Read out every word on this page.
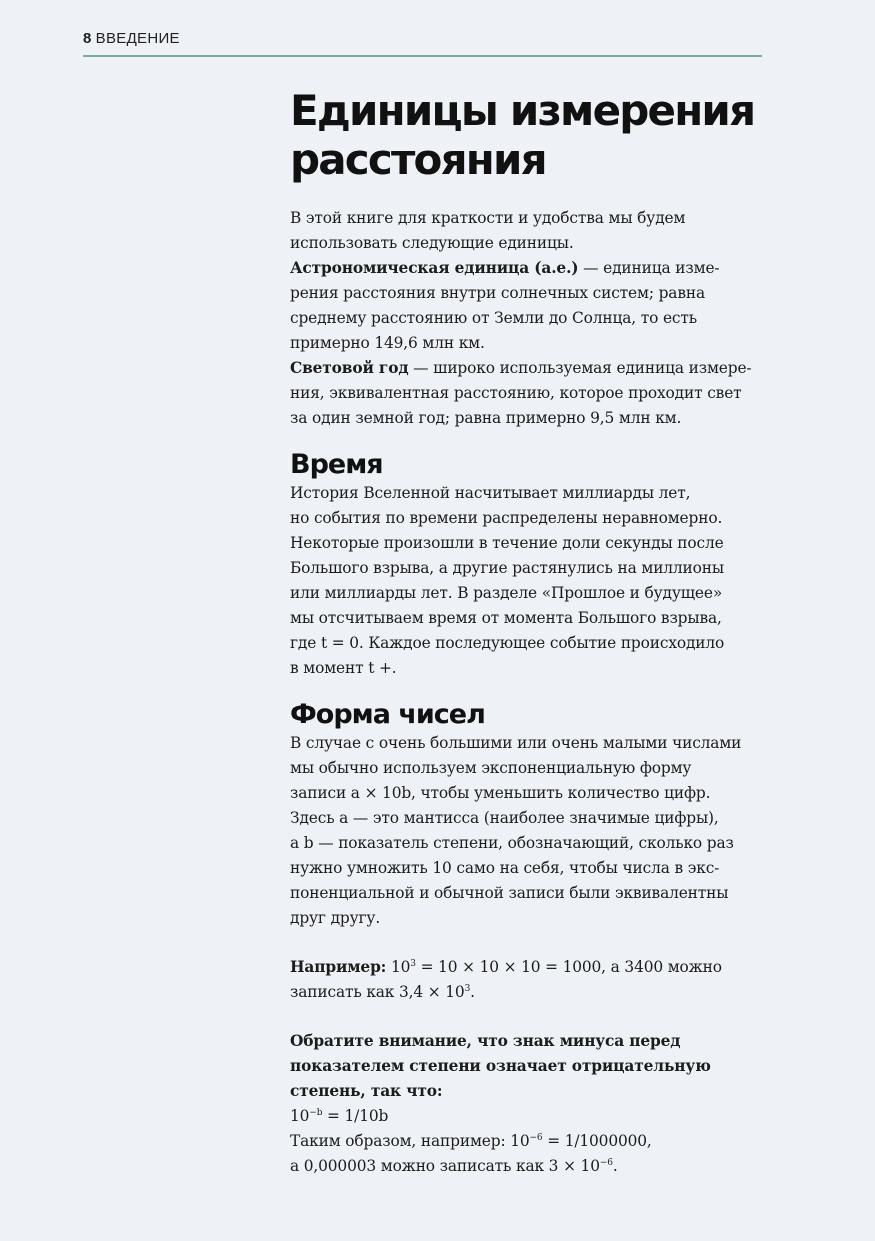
8 ВВЕДЕНИЕ
Единицы измерения расстояния

В этой книге для краткости и удобства мы будем
использовать следующие единицы.
Астрономическая единица (а.е.) — единица изме-
рения расстояния внутри солнечных систем; равна
среднему расстоянию от Земли до Солнца, то есть
примерно 149,6 млн км.
Световой год — широко используемая единица измере-
ния, эквивалентная расстоянию, которое проходит свет
за один земной год; равна примерно 9,5 млн км.

Время

История Вселенной насчитывает миллиарды лет,
но события по времени распределены неравномерно.
Некоторые произошли в течение доли секунды после
Большого взрыва, а другие растянулись на миллионы
или миллиарды лет. В разделе «Прошлое и будущее»
мы отсчитываем время от момента Большого взрыва,
где t = 0. Каждое последующее событие происходило
в момент t +.

Форма чисел

В случае с очень большими или очень малыми числами
мы обычно используем экспоненциальную форму
записи a × 10b, чтобы уменьшить количество цифр.
Здесь a — это мантисса (наиболее значимые цифры),
a b — показатель степени, обозначающий, сколько раз
нужно умножить 10 само на себя, чтобы числа в экс-
поненциальной и обычной записи были эквивалентны
друг другу.

Например: $10^3 = 10 \times 10 \times 10 = 1000$, а 3400 можно
записать как $3,4 \times 10^3$.

Обратите внимание, что знак минуса перед
показателем степени означает отрицательную
степень, так что:
$10^{-b} = 1/10b$
Таким образом, например: $10^{-6} = 1/1000000$,
а 0,000003 можно записать как $3 \times 10^{-6}$.
